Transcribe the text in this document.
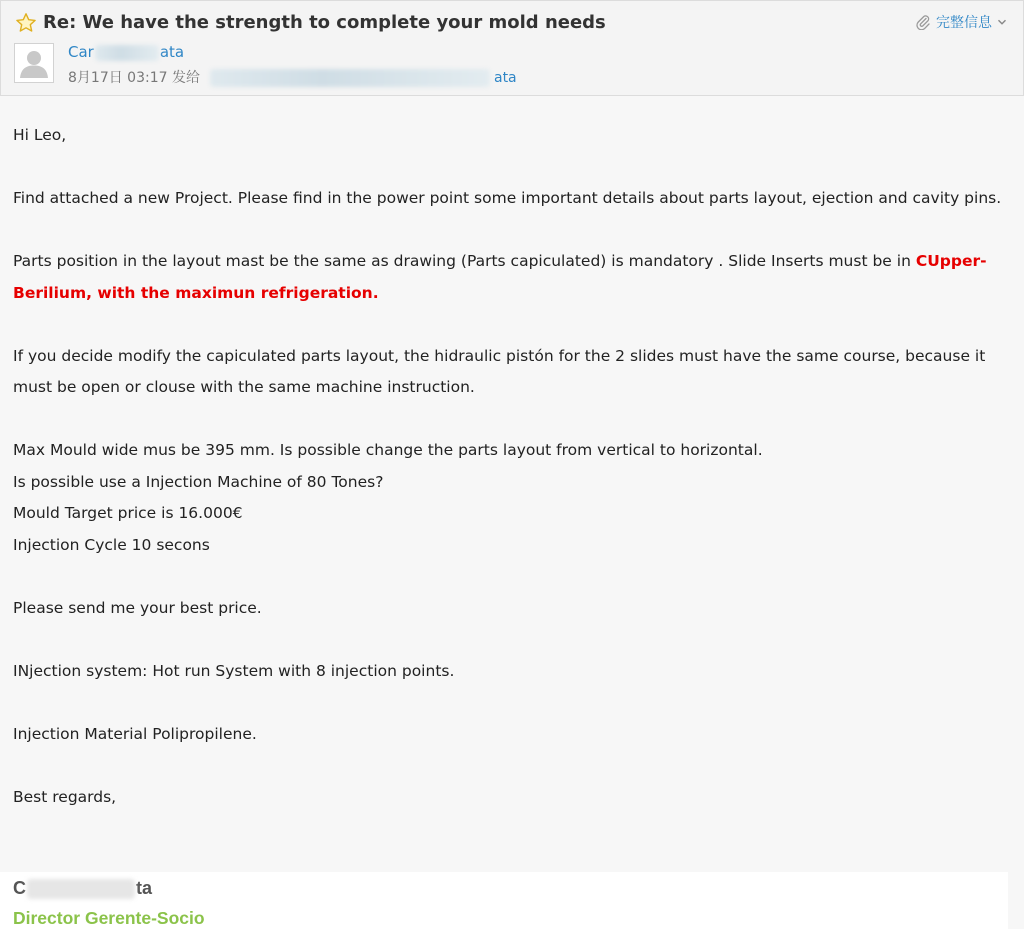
Re: We have the strength to complete your mold needs	完整信息
Car	ata
8月17日 03:17 发给	ata

Hi Leo,

Find attached a new Project. Please find in the power point some important details about parts layout, ejection and cavity pins.

Parts position in the layout mast be the same as drawing (Parts capiculated) is mandatory . Slide Inserts must be in CUpper-
Berilium, with the maximun refrigeration.

If you decide modify the capiculated parts layout, the hidraulic pistón for the 2 slides must have the same course, because it must be open or clouse with the same machine instruction.

Max Mould wide mus be 395 mm. Is possible change the parts layout from vertical to horizontal.

Is possible use a Injection Machine of 80 Tones?

Mould Target price is 16.000€

Injection Cycle 10 secons

Please send me your best price.

INjection system: Hot run System with 8 injection points.

Injection Material Polipropilene.

Best regards,

C	ta
Director Gerente-Socio
